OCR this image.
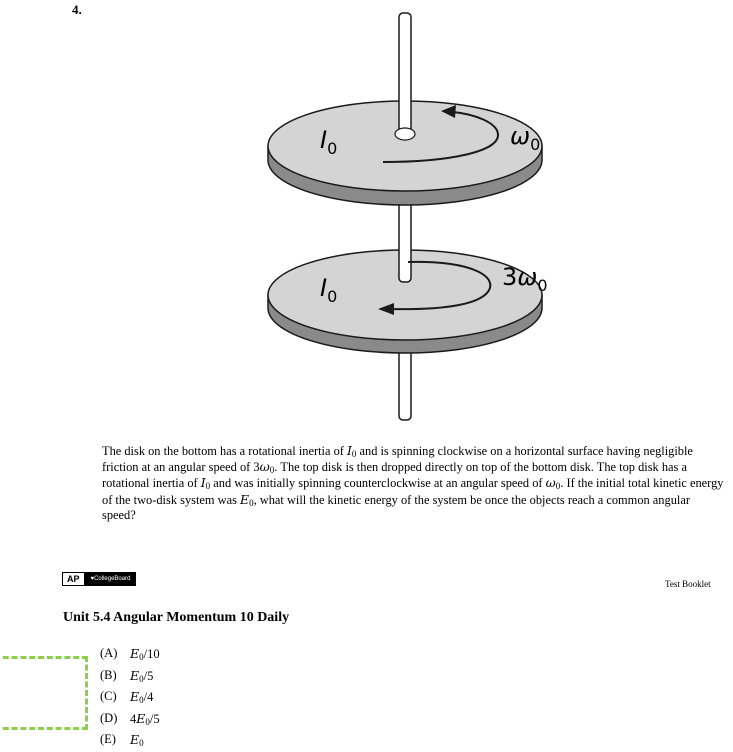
4.
$I_0$	$\omega_0$
$I_0$
$3\omega_0$
The disk on the bottom has a rotational inertia of $I_0$ and is spinning clockwise on a horizontal surface having negligible friction at an angular speed of $3\omega_0$. The top disk is then dropped directly on top of the bottom disk. The top disk has a rotational inertia of $I_0$ and was initially spinning counterclockwise at an angular speed of $\omega_0$. If the initial total kinetic energy of the two-disk system was $E_0$, what will the kinetic energy of the system be once the objects reach a common angular speed?
AP	♥CollegeBoard	Test Booklet
Unit 5.4 Angular Momentum 10 Daily
(A)	$E_0/10$
(B)	$E_0/5$
(C)	$E_0/4$
(D)	$4E_0/5$
(E)	$E_0$
